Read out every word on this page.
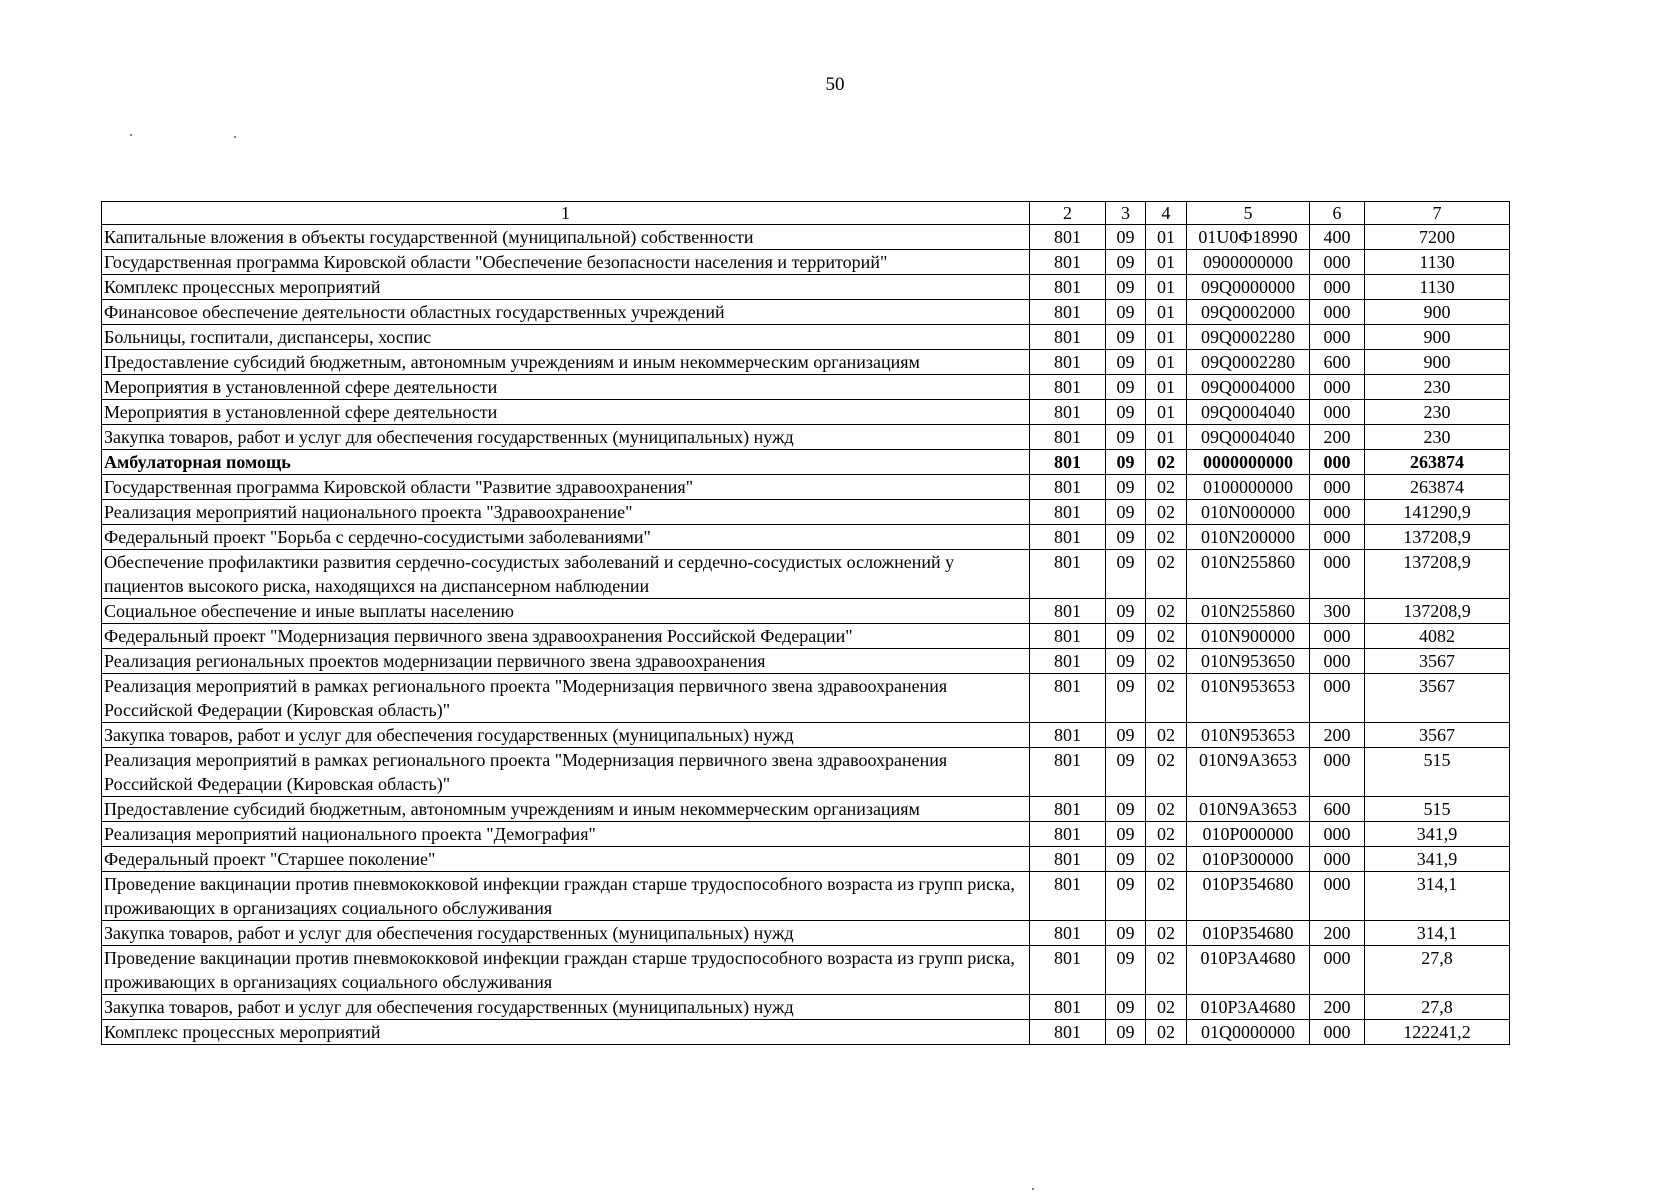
50
1	2	3	4	5	6	7
Капитальные вложения в объекты государственной (муниципальной) собственности	801	09	01	01U0Ф18990	400	7200
Государственная программа Кировской области "Обеспечение безопасности населения и территорий"	801	09	01	0900000000	000	1130
Комплекс процессных мероприятий	801	09	01	09Q0000000	000	1130
Финансовое обеспечение деятельности областных государственных учреждений	801	09	01	09Q0002000	000	900
Больницы, госпитали, диспансеры, хоспис	801	09	01	09Q0002280	000	900
Предоставление субсидий бюджетным, автономным учреждениям и иным некоммерческим организациям	801	09	01	09Q0002280	600	900
Мероприятия в установленной сфере деятельности	801	09	01	09Q0004000	000	230
Мероприятия в установленной сфере деятельности	801	09	01	09Q0004040	000	230
Закупка товаров, работ и услуг для обеспечения государственных (муниципальных) нужд	801	09	01	09Q0004040	200	230
Амбулаторная помощь	801	09	02	0000000000	000	263874
Государственная программа Кировской области "Развитие здравоохранения"	801	09	02	0100000000	000	263874
Реализация мероприятий национального проекта "Здравоохранение"	801	09	02	010N000000	000	141290,9
Федеральный проект "Борьба с сердечно-сосудистыми заболеваниями"	801	09	02	010N200000	000	137208,9
Обеспечение профилактики развития сердечно-сосудистых заболеваний и сердечно-сосудистых осложнений у пациентов высокого риска, находящихся на диспансерном наблюдении	801	09	02	010N255860	000	137208,9
Социальное обеспечение и иные выплаты населению	801	09	02	010N255860	300	137208,9
Федеральный проект "Модернизация первичного звена здравоохранения Российской Федерации"	801	09	02	010N900000	000	4082
Реализация региональных проектов модернизации первичного звена здравоохранения	801	09	02	010N953650	000	3567
Реализация мероприятий в рамках регионального проекта "Модернизация первичного звена здравоохранения Российской Федерации (Кировская область)"	801	09	02	010N953653	000	3567
Закупка товаров, работ и услуг для обеспечения государственных (муниципальных) нужд	801	09	02	010N953653	200	3567
Реализация мероприятий в рамках регионального проекта "Модернизация первичного звена здравоохранения Российской Федерации (Кировская область)"	801	09	02	010N9A3653	000	515
Предоставление субсидий бюджетным, автономным учреждениям и иным некоммерческим организациям	801	09	02	010N9A3653	600	515
Реализация мероприятий национального проекта "Демография"	801	09	02	010P000000	000	341,9
Федеральный проект "Старшее поколение"	801	09	02	010P300000	000	341,9
Проведение вакцинации против пневмококковой инфекции граждан старше трудоспособного возраста из групп риска, проживающих в организациях социального обслуживания	801	09	02	010P354680	000	314,1
Закупка товаров, работ и услуг для обеспечения государственных (муниципальных) нужд	801	09	02	010P354680	200	314,1
Проведение вакцинации против пневмококковой инфекции граждан старше трудоспособного возраста из групп риска, проживающих в организациях социального обслуживания	801	09	02	010P3A4680	000	27,8
Закупка товаров, работ и услуг для обеспечения государственных (муниципальных) нужд	801	09	02	010P3A4680	200	27,8
Комплекс процессных мероприятий	801	09	02	01Q0000000	000	122241,2
